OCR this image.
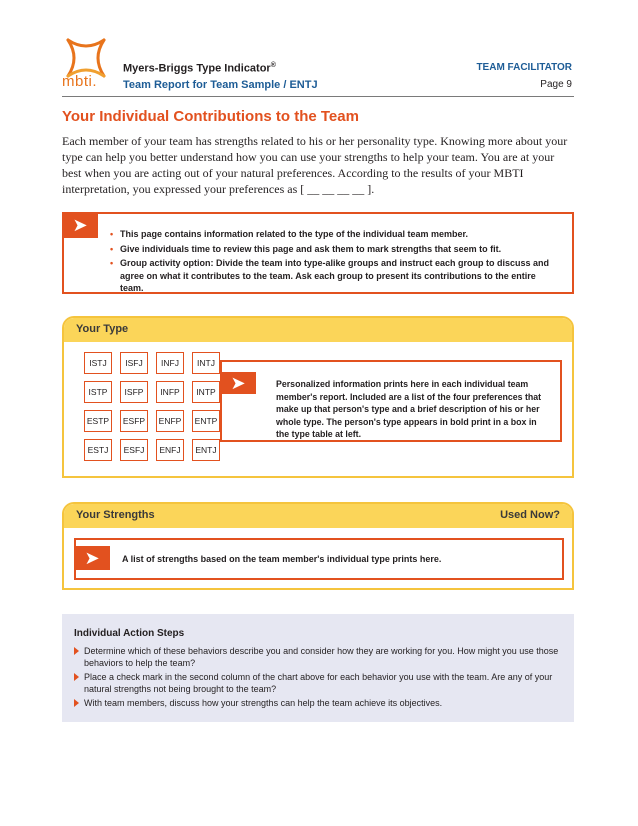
mbti.
Myers-Briggs Type Indicator®
Team Report for Team Sample / ENTJ
TEAM FACILITATOR
Page 9
Your Individual Contributions to the Team

Each member of your team has strengths related to his or her personality type. Knowing more about your type can help you better understand how you can use your strengths to help your team. You are at your best when you are acting out of your natural preferences. According to the results of your MBTI interpretation, you expressed your preferences as [ __ __ __ __ ].

➤
•	This page contains information related to the type of the individual team member.
• Give individuals time to review this page and ask them to mark strengths that seem to fit.
• Group activity option: Divide the team into type-alike groups and instruct each group to discuss and agree on what it contributes to the team. Ask each group to present its contributions to the entire team.
Your Type
ISTJ	ISFJ	INFJ	INTJ
ISTP	ISFP	INFP	INTP
ESTP	ESFP	ENFP	ENTP
ESTJ	ESFJ	ENFJ	ENTJ
➤	Personalized information prints here in each individual team member's report. Included are a list of the four preferences that make up that person's type and a brief description of his or her whole type. The person's type appears in bold print in a box in the type table at left.

Your Strengths	Used Now?
➤	A list of strengths based on the team member's individual type prints here.
Individual Action Steps
Determine which of these behaviors describe you and consider how they are working for you. How might you use those behaviors to help the team?
Place a check mark in the second column of the chart above for each behavior you use with the team. Are any of your natural strengths not being brought to the team?
With team members, discuss how your strengths can help the team achieve its objectives.
